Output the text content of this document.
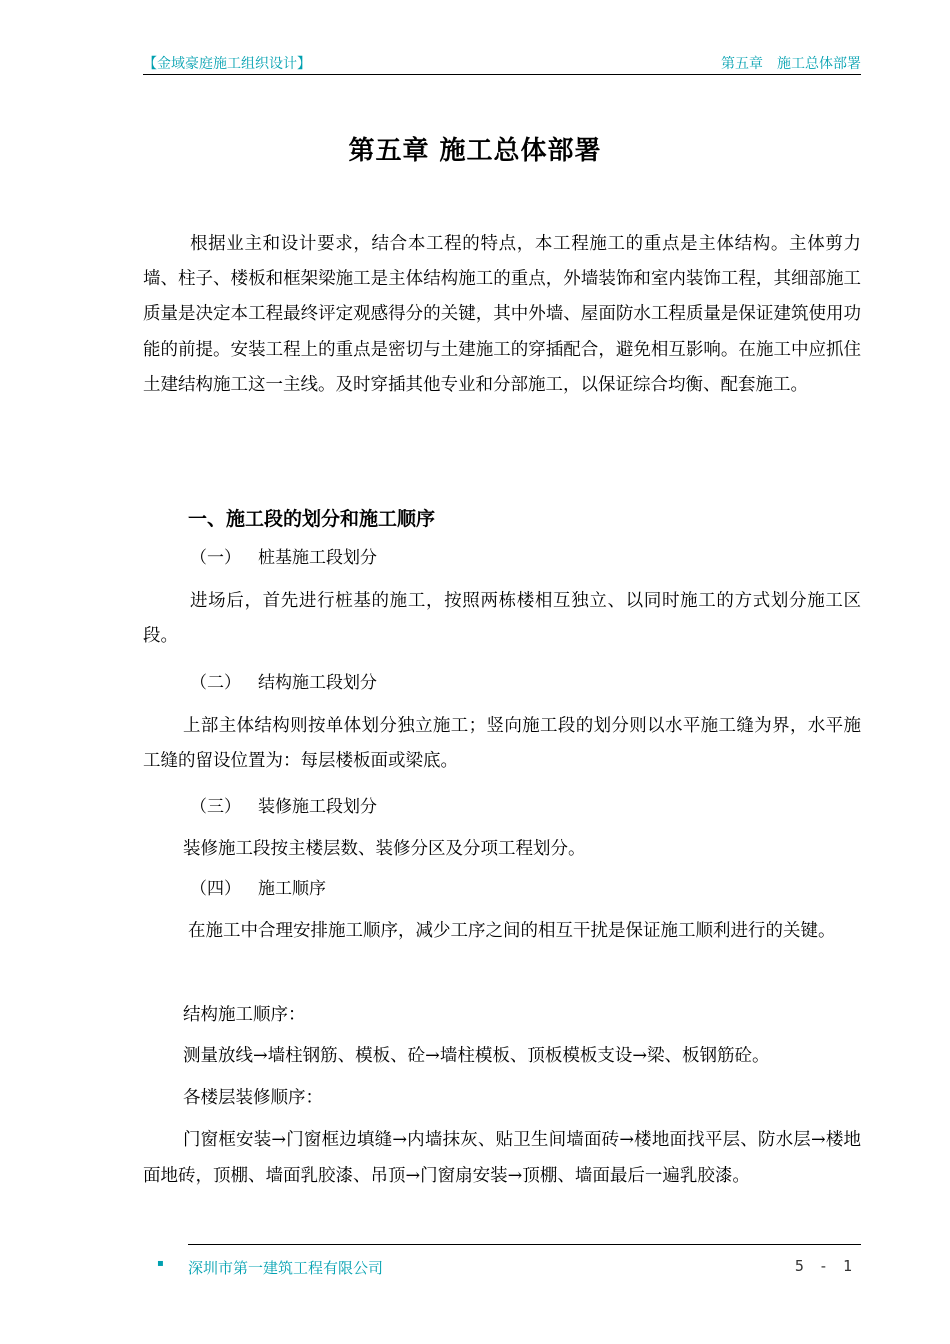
【金域豪庭施工组织设计】	第五章　施工总体部署
第五章 施工总体部署
根据业主和设计要求，结合本工程的特点，本工程施工的重点是主体结构。主体剪力墙、柱子、楼板和框架梁施工是主体结构施工的重点，外墙装饰和室内装饰工程，其细部施工质量是决定本工程最终评定观感得分的关键，其中外墙、屋面防水工程质量是保证建筑使用功能的前提。安装工程上的重点是密切与土建施工的穿插配合，避免相互影响。在施工中应抓住土建结构施工这一主线。及时穿插其他专业和分部施工，以保证综合均衡、配套施工。
一、施工段的划分和施工顺序
（一） 桩基施工段划分
进场后，首先进行桩基的施工，按照两栋楼相互独立、以同时施工的方式划分施工区段。
（二） 结构施工段划分
上部主体结构则按单体划分独立施工；竖向施工段的划分则以水平施工缝为界，水平施工缝的留设位置为：每层楼板面或梁底。
（三） 装修施工段划分
装修施工段按主楼层数、装修分区及分项工程划分。
（四） 施工顺序
在施工中合理安排施工顺序，减少工序之间的相互干扰是保证施工顺利进行的关键。
结构施工顺序：
测量放线→墙柱钢筋、模板、砼→墙柱模板、顶板模板支设→梁、板钢筋砼。
各楼层装修顺序：
门窗框安装→门窗框边填缝→内墙抹灰、贴卫生间墙面砖→楼地面找平层、防水层→楼地面地砖，顶棚、墙面乳胶漆、吊顶→门窗扇安装→顶棚、墙面最后一遍乳胶漆。
▪ 深圳市第一建筑工程有限公司	5 - 1
